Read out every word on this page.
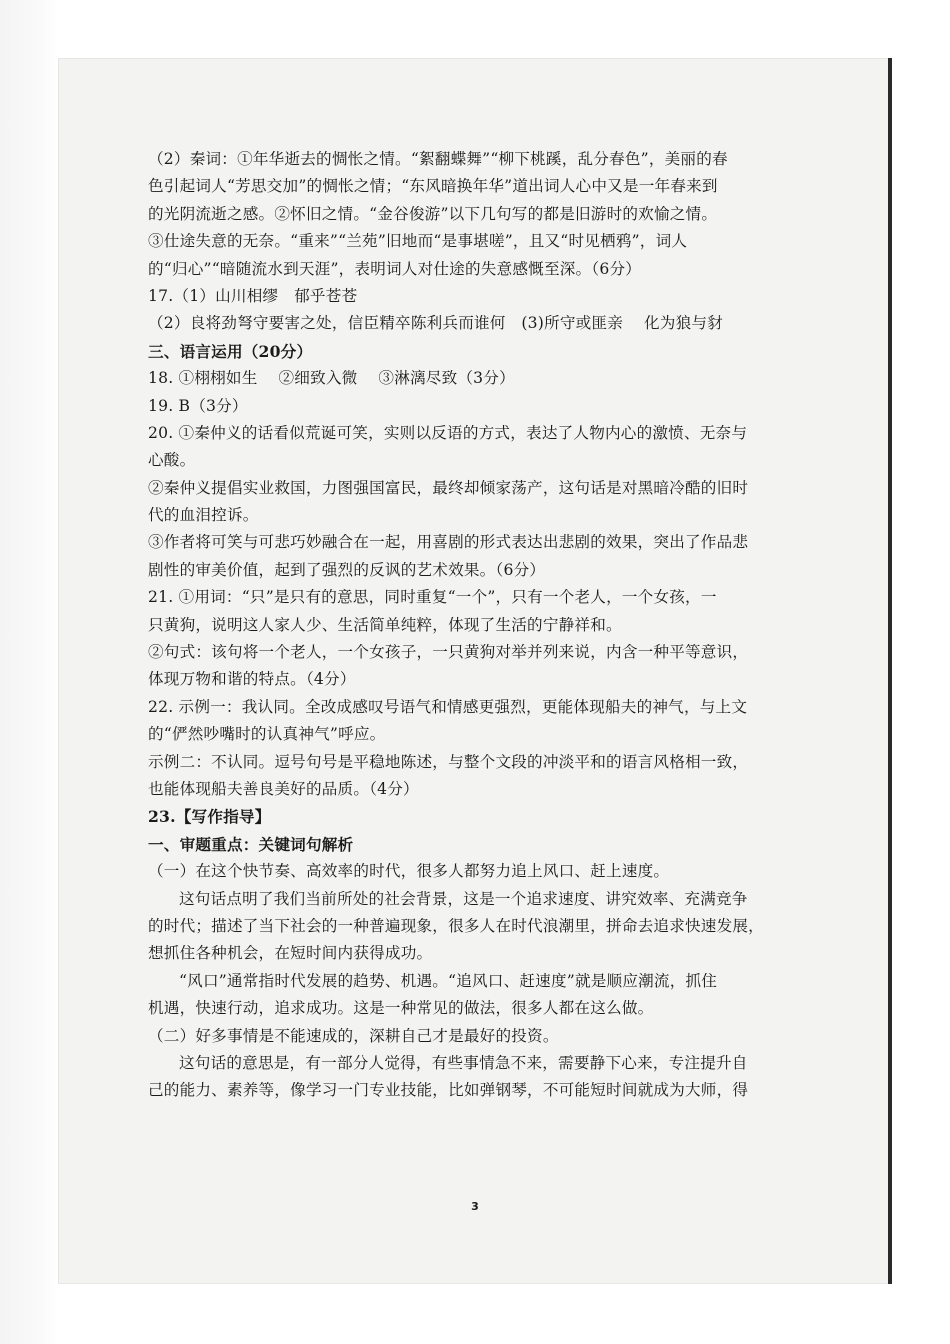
（2）秦词：①年华逝去的惆怅之情。“絮翻蝶舞”“柳下桃蹊，乱分春色”，美丽的春
色引起词人“芳思交加”的惆怅之情；“东风暗换年华”道出词人心中又是一年春来到
的光阴流逝之感。②怀旧之情。“金谷俊游”以下几句写的都是旧游时的欢愉之情。
③仕途失意的无奈。“重来”“兰苑”旧地而“是事堪嗟”，且又“时见栖鸦”，词人
的“归心”“暗随流水到天涯”，表明词人对仕途的失意感慨至深。（6分）
17.（1）山川相缪　郁乎苍苍
（2）良将劲弩守要害之处，信臣精卒陈利兵而谁何　(3)所守或匪亲　 化为狼与豺
三、语言运用（20分）
18. ①栩栩如生　 ②细致入微　 ③淋漓尽致（3分）
19. B（3分）
20. ①秦仲义的话看似荒诞可笑，实则以反语的方式，表达了人物内心的激愤、无奈与
心酸。
②秦仲义提倡实业救国，力图强国富民，最终却倾家荡产，这句话是对黑暗冷酷的旧时
代的血泪控诉。
③作者将可笑与可悲巧妙融合在一起，用喜剧的形式表达出悲剧的效果，突出了作品悲
剧性的审美价值，起到了强烈的反讽的艺术效果。（6分）
21. ①用词：“只”是只有的意思，同时重复“一个”，只有一个老人，一个女孩，一
只黄狗，说明这人家人少、生活简单纯粹，体现了生活的宁静祥和。
②句式：该句将一个老人，一个女孩子，一只黄狗对举并列来说，内含一种平等意识，
体现万物和谐的特点。（4分）
22. 示例一：我认同。全改成感叹号语气和情感更强烈，更能体现船夫的神气，与上文
的“俨然吵嘴时的认真神气”呼应。
示例二：不认同。逗号句号是平稳地陈述，与整个文段的冲淡平和的语言风格相一致，
也能体现船夫善良美好的品质。（4分）
23.【写作指导】
一、审题重点：关键词句解析
（一）在这个快节奏、高效率的时代，很多人都努力追上风口、赶上速度。
这句话点明了我们当前所处的社会背景，这是一个追求速度、讲究效率、充满竞争
的时代；描述了当下社会的一种普遍现象，很多人在时代浪潮里，拼命去追求快速发展，
想抓住各种机会，在短时间内获得成功。
“风口”通常指时代发展的趋势、机遇。“追风口、赶速度”就是顺应潮流，抓住
机遇，快速行动，追求成功。这是一种常见的做法，很多人都在这么做。
（二）好多事情是不能速成的，深耕自己才是最好的投资。
这句话的意思是，有一部分人觉得，有些事情急不来，需要静下心来，专注提升自
己的能力、素养等，像学习一门专业技能，比如弹钢琴，不可能短时间就成为大师，得
3
